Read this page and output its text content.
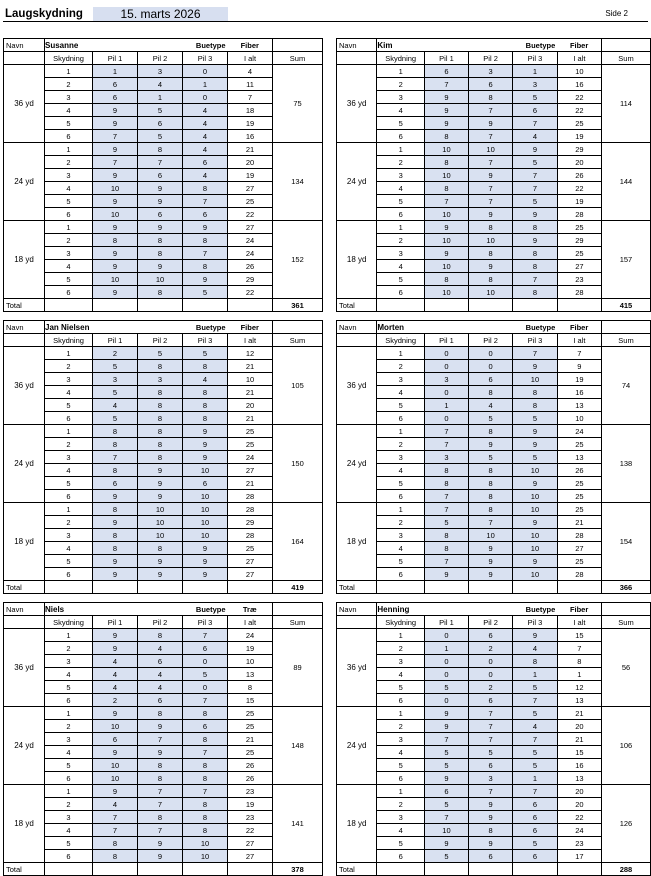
Laugskydning	15. marts 2026	Side 2
Navn	Susanne			Buetype	Fiber	
	Skydning	Pil 1	Pil 2	Pil 3	I alt	Sum
36 yd	1	1	3	0	4	75
	2	6	4	1	11	
	3	6	1	0	7	
	4	9	5	4	18	
	5	9	6	4	19	
	6	7	5	4	16	
24 yd	1	9	8	4	21	134
	2	7	7	6	20	
	3	9	6	4	19	
	4	10	9	8	27	
	5	9	9	7	25	
	6	10	6	6	22	
18 yd	1	9	9	9	27	152
	2	8	8	8	24	
	3	9	8	7	24	
	4	9	9	8	26	
	5	10	10	9	29	
	6	9	8	5	22	
Total						361
Navn	Kim			Buetype	Fiber	
	Skydning	Pil 1	Pil 2	Pil 3	I alt	Sum
36 yd	1	6	3	1	10	114
	2	7	6	3	16	
	3	9	8	5	22	
	4	9	7	6	22	
	5	9	9	7	25	
	6	8	7	4	19	
24 yd	1	10	10	9	29	144
	2	8	7	5	20	
	3	10	9	7	26	
	4	8	7	7	22	
	5	7	7	5	19	
	6	10	9	9	28	
18 yd	1	9	8	8	25	157
	2	10	10	9	29	
	3	9	8	8	25	
	4	10	9	8	27	
	5	8	8	7	23	
	6	10	10	8	28	
Total						415
Navn	Jan Nielsen			Buetype	Fiber	
	Skydning	Pil 1	Pil 2	Pil 3	I alt	Sum
36 yd	1	2	5	5	12	105
	2	5	8	8	21	
	3	3	3	4	10	
	4	5	8	8	21	
	5	4	8	8	20	
	6	5	8	8	21	
24 yd	1	8	8	9	25	150
	2	8	8	9	25	
	3	7	8	9	24	
	4	8	9	10	27	
	5	6	9	6	21	
	6	9	9	10	28	
18 yd	1	8	10	10	28	164
	2	9	10	10	29	
	3	8	10	10	28	
	4	8	8	9	25	
	5	9	9	9	27	
	6	9	9	9	27	
Total						419
Navn	Morten			Buetype	Fiber	
	Skydning	Pil 1	Pil 2	Pil 3	I alt	Sum
36 yd	1	0	0	7	7	74
	2	0	0	9	9	
	3	3	6	10	19	
	4	0	8	8	16	
	5	1	4	8	13	
	6	0	5	5	10	
24 yd	1	7	8	9	24	138
	2	7	9	9	25	
	3	3	5	5	13	
	4	8	8	10	26	
	5	8	8	9	25	
	6	7	8	10	25	
18 yd	1	7	8	10	25	154
	2	5	7	9	21	
	3	8	10	10	28	
	4	8	9	10	27	
	5	7	9	9	25	
	6	9	9	10	28	
Total						366
Navn	Niels			Buetype	Træ	
	Skydning	Pil 1	Pil 2	Pil 3	I alt	Sum
36 yd	1	9	8	7	24	89
	2	9	4	6	19	
	3	4	6	0	10	
	4	4	4	5	13	
	5	4	4	0	8	
	6	2	6	7	15	
24 yd	1	9	8	8	25	148
	2	10	9	6	25	
	3	6	7	8	21	
	4	9	9	7	25	
	5	10	8	8	26	
	6	10	8	8	26	
18 yd	1	9	7	7	23	141
	2	4	7	8	19	
	3	7	8	8	23	
	4	7	7	8	22	
	5	8	9	10	27	
	6	8	9	10	27	
Total						378
Navn	Henning			Buetype	Fiber	
	Skydning	Pil 1	Pil 2	Pil 3	I alt	Sum
36 yd	1	0	6	9	15	56
	2	1	2	4	7	
	3	0	0	8	8	
	4	0	0	1	1	
	5	5	2	5	12	
	6	0	6	7	13	
24 yd	1	9	7	5	21	106
	2	9	7	4	20	
	3	7	7	7	21	
	4	5	5	5	15	
	5	5	6	5	16	
	6	9	3	1	13	
18 yd	1	6	7	7	20	126
	2	5	9	6	20	
	3	7	9	6	22	
	4	10	8	6	24	
	5	9	9	5	23	
	6	5	6	6	17	
Total						288
